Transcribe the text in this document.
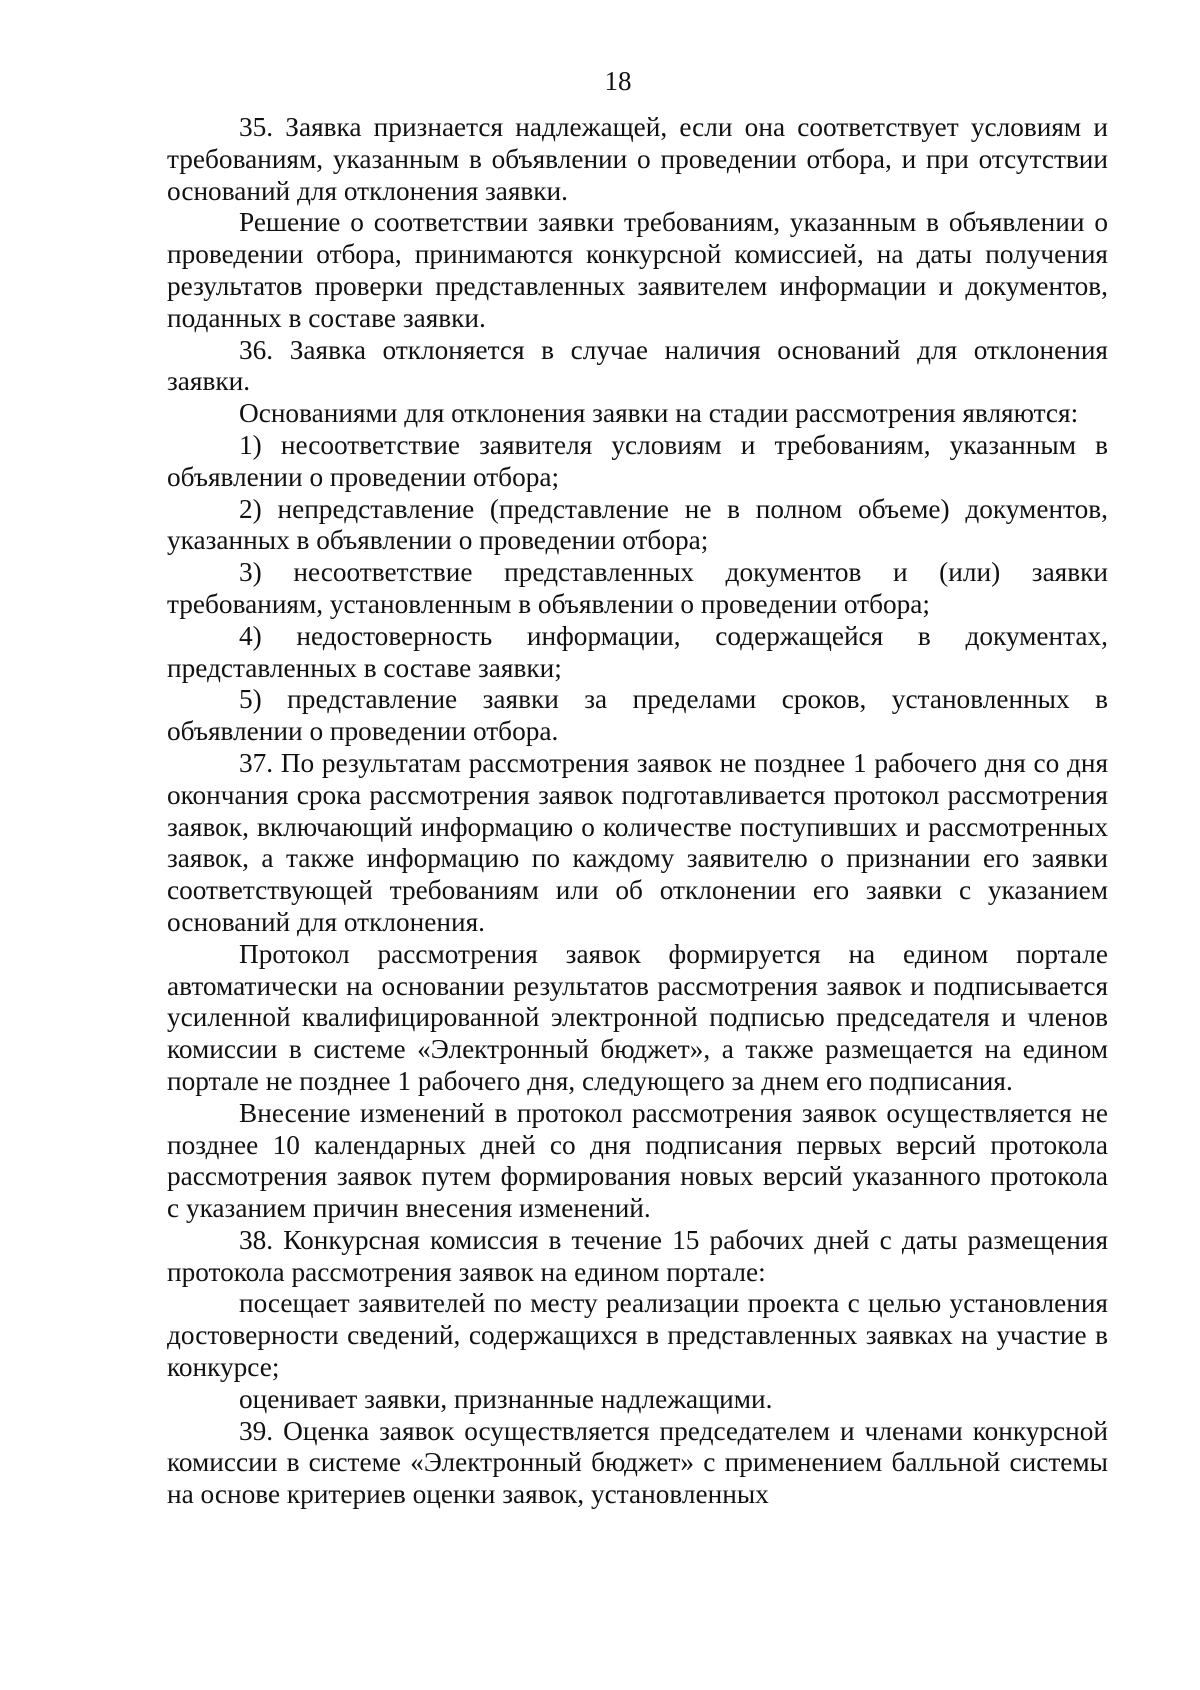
18

35. Заявка признается надлежащей, если она соответствует условиям и требованиям, указанным в объявлении о проведении отбора, и при отсутствии оснований для отклонения заявки.

Решение о соответствии заявки требованиям, указанным в объявлении о проведении отбора, принимаются конкурсной комиссией, на даты получения результатов проверки представленных заявителем информации и документов, поданных в составе заявки.

36. Заявка отклоняется в случае наличия оснований для отклонения заявки.

Основаниями для отклонения заявки на стадии рассмотрения являются:

1) несоответствие заявителя условиям и требованиям, указанным в объявлении о проведении отбора;

2) непредставление (представление не в полном объеме) документов, указанных в объявлении о проведении отбора;

3) несоответствие представленных документов и (или) заявки требованиям, установленным в объявлении о проведении отбора;

4) недостоверность информации, содержащейся в документах, представленных в составе заявки;

5) представление заявки за пределами сроков, установленных в объявлении о проведении отбора.

37. По результатам рассмотрения заявок не позднее 1 рабочего дня со дня окончания срока рассмотрения заявок подготавливается протокол рассмотрения заявок, включающий информацию о количестве поступивших и рассмотренных заявок, а также информацию по каждому заявителю о признании его заявки соответствующей требованиям или об отклонении его заявки с указанием оснований для отклонения.

Протокол рассмотрения заявок формируется на едином портале автоматически на основании результатов рассмотрения заявок и подписывается усиленной квалифицированной электронной подписью председателя и членов комиссии в системе «Электронный бюджет», а также размещается на едином портале не позднее 1 рабочего дня, следующего за днем его подписания.

Внесение изменений в протокол рассмотрения заявок осуществляется не позднее 10 календарных дней со дня подписания первых версий протокола рассмотрения заявок путем формирования новых версий указанного протокола с указанием причин внесения изменений.

38. Конкурсная комиссия в течение 15 рабочих дней с даты размещения протокола рассмотрения заявок на едином портале:

посещает заявителей по месту реализации проекта с целью установления достоверности сведений, содержащихся в представленных заявках на участие в конкурсе;

оценивает заявки, признанные надлежащими.

39. Оценка заявок осуществляется председателем и членами конкурсной комиссии в системе «Электронный бюджет» с применением балльной системы на основе критериев оценки заявок, установленных
